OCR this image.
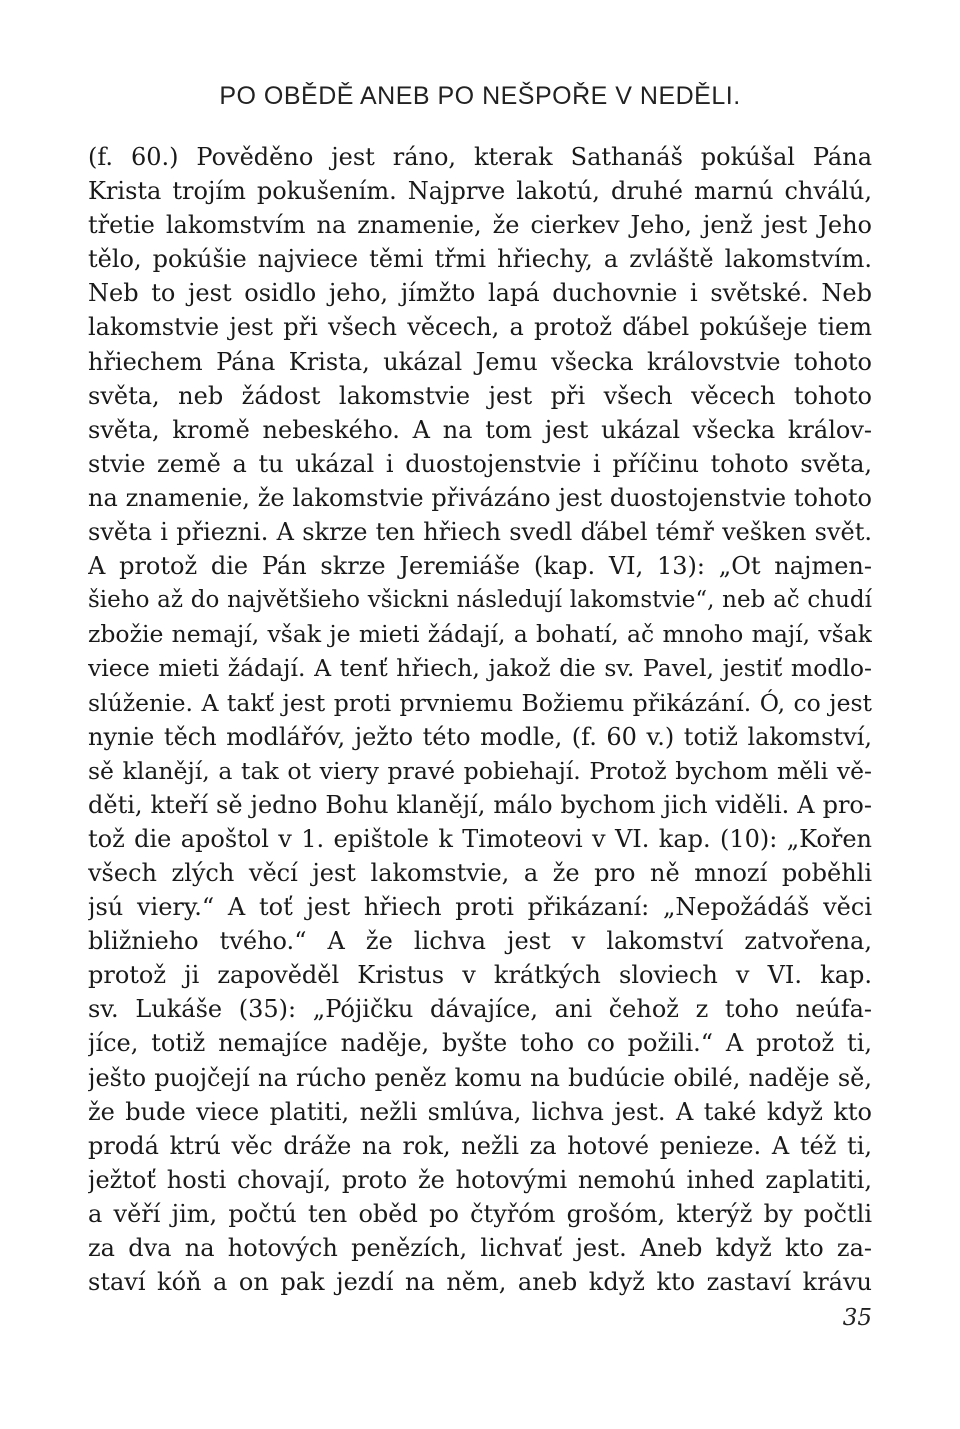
PO OBĚDĚ ANEB PO NEŠPOŘE V NEDĚLI.
(f. 60.) Pověděno jest ráno, kterak Sathanáš pokúšal Pána
Krista trojím pokušením. Najprve lakotú, druhé marnú chválú,
třetie lakomstvím na znamenie, že cierkev Jeho, jenž jest Jeho
tělo, pokúšie najviece těmi třmi hřiechy, a zvláště lakomstvím.
Neb to jest osidlo jeho, jímžto lapá duchovnie i světské. Neb
lakomstvie jest při všech věcech, a protož ďábel pokúšeje tiem
hřiechem Pána Krista, ukázal Jemu všecka královstvie tohoto
světa, neb žádost lakomstvie jest při všech věcech tohoto
světa, kromě nebeského. A na tom jest ukázal všecka králov-
stvie země a tu ukázal i duostojenstvie i příčinu tohoto světa,
na znamenie, že lakomstvie přivázáno jest duostojenstvie tohoto
světa i přiezni. A skrze ten hřiech svedl ďábel témř vešken svět.
A protož die Pán skrze Jeremiáše (kap. VI, 13): „Ot najmen-
šieho až do najvětšieho všickni následují lakomstvie“, neb ač chudí
zbožie nemají, však je mieti žádají, a bohatí, ač mnoho mají, však
viece mieti žádají. A tenť hřiech, jakož die sv. Pavel, jestiť modlo-
slúženie. A takť jest proti prvniemu Božiemu přikázání. Ó, co jest
nynie těch modlářóv, ježto této modle, (f. 60 v.) totiž lakomství,
sě klanějí, a tak ot viery pravé pobiehají. Protož bychom měli vě-
děti, kteří sě jedno Bohu klanějí, málo bychom jich viděli. A pro-
tož die apoštol v 1. epištole k Timoteovi v VI. kap. (10): „Kořen
všech zlých věcí jest lakomstvie, a že pro ně mnozí poběhli
jsú viery.“ A toť jest hřiech proti přikázaní: „Nepožádáš věci
bližnieho tvého.“ A že lichva jest v lakomství zatvořena,
protož ji zapověděl Kristus v krátkých sloviech v VI. kap.
sv. Lukáše (35): „Pójičku dávajíce, ani čehož z toho neúfa-
jíce, totiž nemajíce naděje, byšte toho co požili.“ A protož ti,
ješto puojčejí na rúcho peněz komu na budúcie obilé, naděje sě,
že bude viece platiti, nežli smlúva, lichva jest. A také když kto
prodá ktrú věc dráže na rok, nežli za hotové penieze. A též ti,
ježtoť hosti chovají, proto že hotovými nemohú inhed zaplatiti,
a věří jim, počtú ten oběd po čtyřóm grošóm, kterýž by počtli
za dva na hotových penězích, lichvať jest. Aneb když kto za-
staví kóň a on pak jezdí na něm, aneb když kto zastaví krávu
35
